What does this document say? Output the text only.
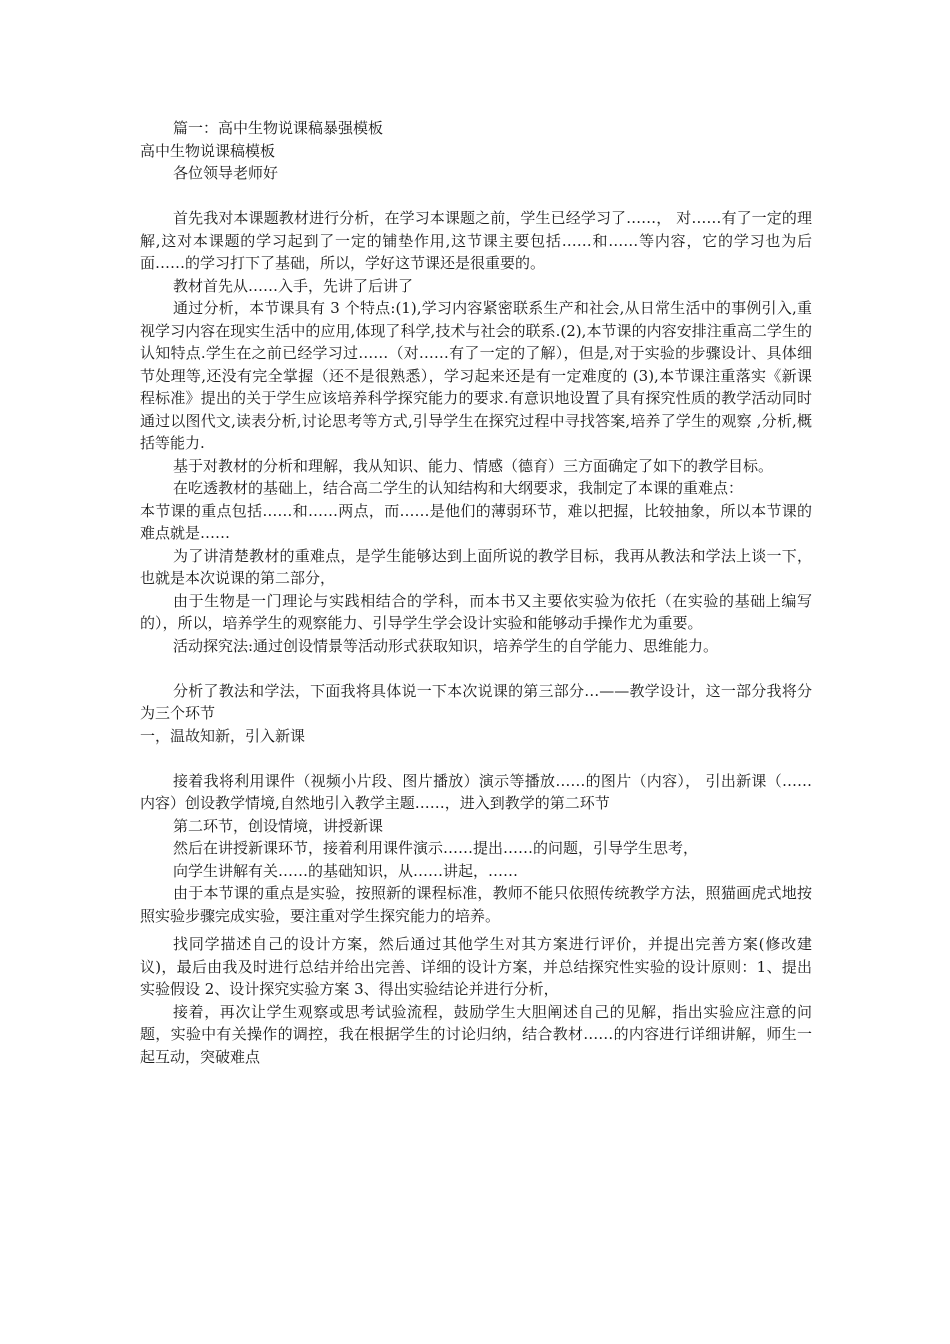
篇一：高中生物说课稿暴强模板

高中生物说课稿模板

各位领导老师好

首先我对本课题教材进行分析，在学习本课题之前，学生已经学习了……， 对……有了一定的理解,这对本课题的学习起到了一定的铺垫作用,这节课主要包括……和……等内容，它的学习也为后面……的学习打下了基础，所以，学好这节课还是很重要的。

教材首先从……入手，先讲了后讲了

通过分析，本节课具有 3 个特点:(1),学习内容紧密联系生产和社会,从日常生活中的事例引入,重视学习内容在现实生活中的应用,体现了科学,技术与社会的联系.(2),本节课的内容安排注重高二学生的认知特点.学生在之前已经学习过……（对……有了一定的了解），但是,对于实验的步骤设计、具体细节处理等,还没有完全掌握（还不是很熟悉），学习起来还是有一定难度的 (3),本节课注重落实《新课程标准》提出的关于学生应该培养科学探究能力的要求.有意识地设置了具有探究性质的教学活动同时通过以图代文,读表分析,讨论思考等方式,引导学生在探究过程中寻找答案,培养了学生的观察 ,分析,概括等能力.

基于对教材的分析和理解，我从知识、能力、情感（德育）三方面确定了如下的教学目标。

在吃透教材的基础上，结合高二学生的认知结构和大纲要求，我制定了本课的重难点：

本节课的重点包括……和……两点，而……是他们的薄弱环节，难以把握，比较抽象，所以本节课的难点就是……

为了讲清楚教材的重难点，是学生能够达到上面所说的教学目标，我再从教法和学法上谈一下，也就是本次说课的第二部分，

由于生物是一门理论与实践相结合的学科，而本书又主要依实验为依托（在实验的基础上编写的），所以，培养学生的观察能力、引导学生学会设计实验和能够动手操作尤为重要。

活动探究法:通过创设情景等活动形式获取知识，培养学生的自学能力、思维能力。

分析了教法和学法，下面我将具体说一下本次说课的第三部分…——教学设计，这一部分我将分为三个环节

一，温故知新，引入新课

接着我将利用课件（视频小片段、图片播放）演示等播放……的图片（内容）， 引出新课（……内容）创设教学情境,自然地引入教学主题……，进入到教学的第二环节

第二环节，创设情境，讲授新课

然后在讲授新课环节，接着利用课件演示……提出……的问题，引导学生思考，

向学生讲解有关……的基础知识，从……讲起，……

由于本节课的重点是实验，按照新的课程标准，教师不能只依照传统教学方法，照猫画虎式地按照实验步骤完成实验，要注重对学生探究能力的培养。

找同学描述自己的设计方案，然后通过其他学生对其方案进行评价，并提出完善方案(修改建议)，最后由我及时进行总结并给出完善、详细的设计方案，并总结探究性实验的设计原则：1、提出实验假设 2、设计探究实验方案 3、得出实验结论并进行分析，

接着，再次让学生观察或思考试验流程，鼓励学生大胆阐述自己的见解，指出实验应注意的问题，实验中有关操作的调控，我在根据学生的讨论归纳，结合教材……的内容进行详细讲解，师生一起互动，突破难点
